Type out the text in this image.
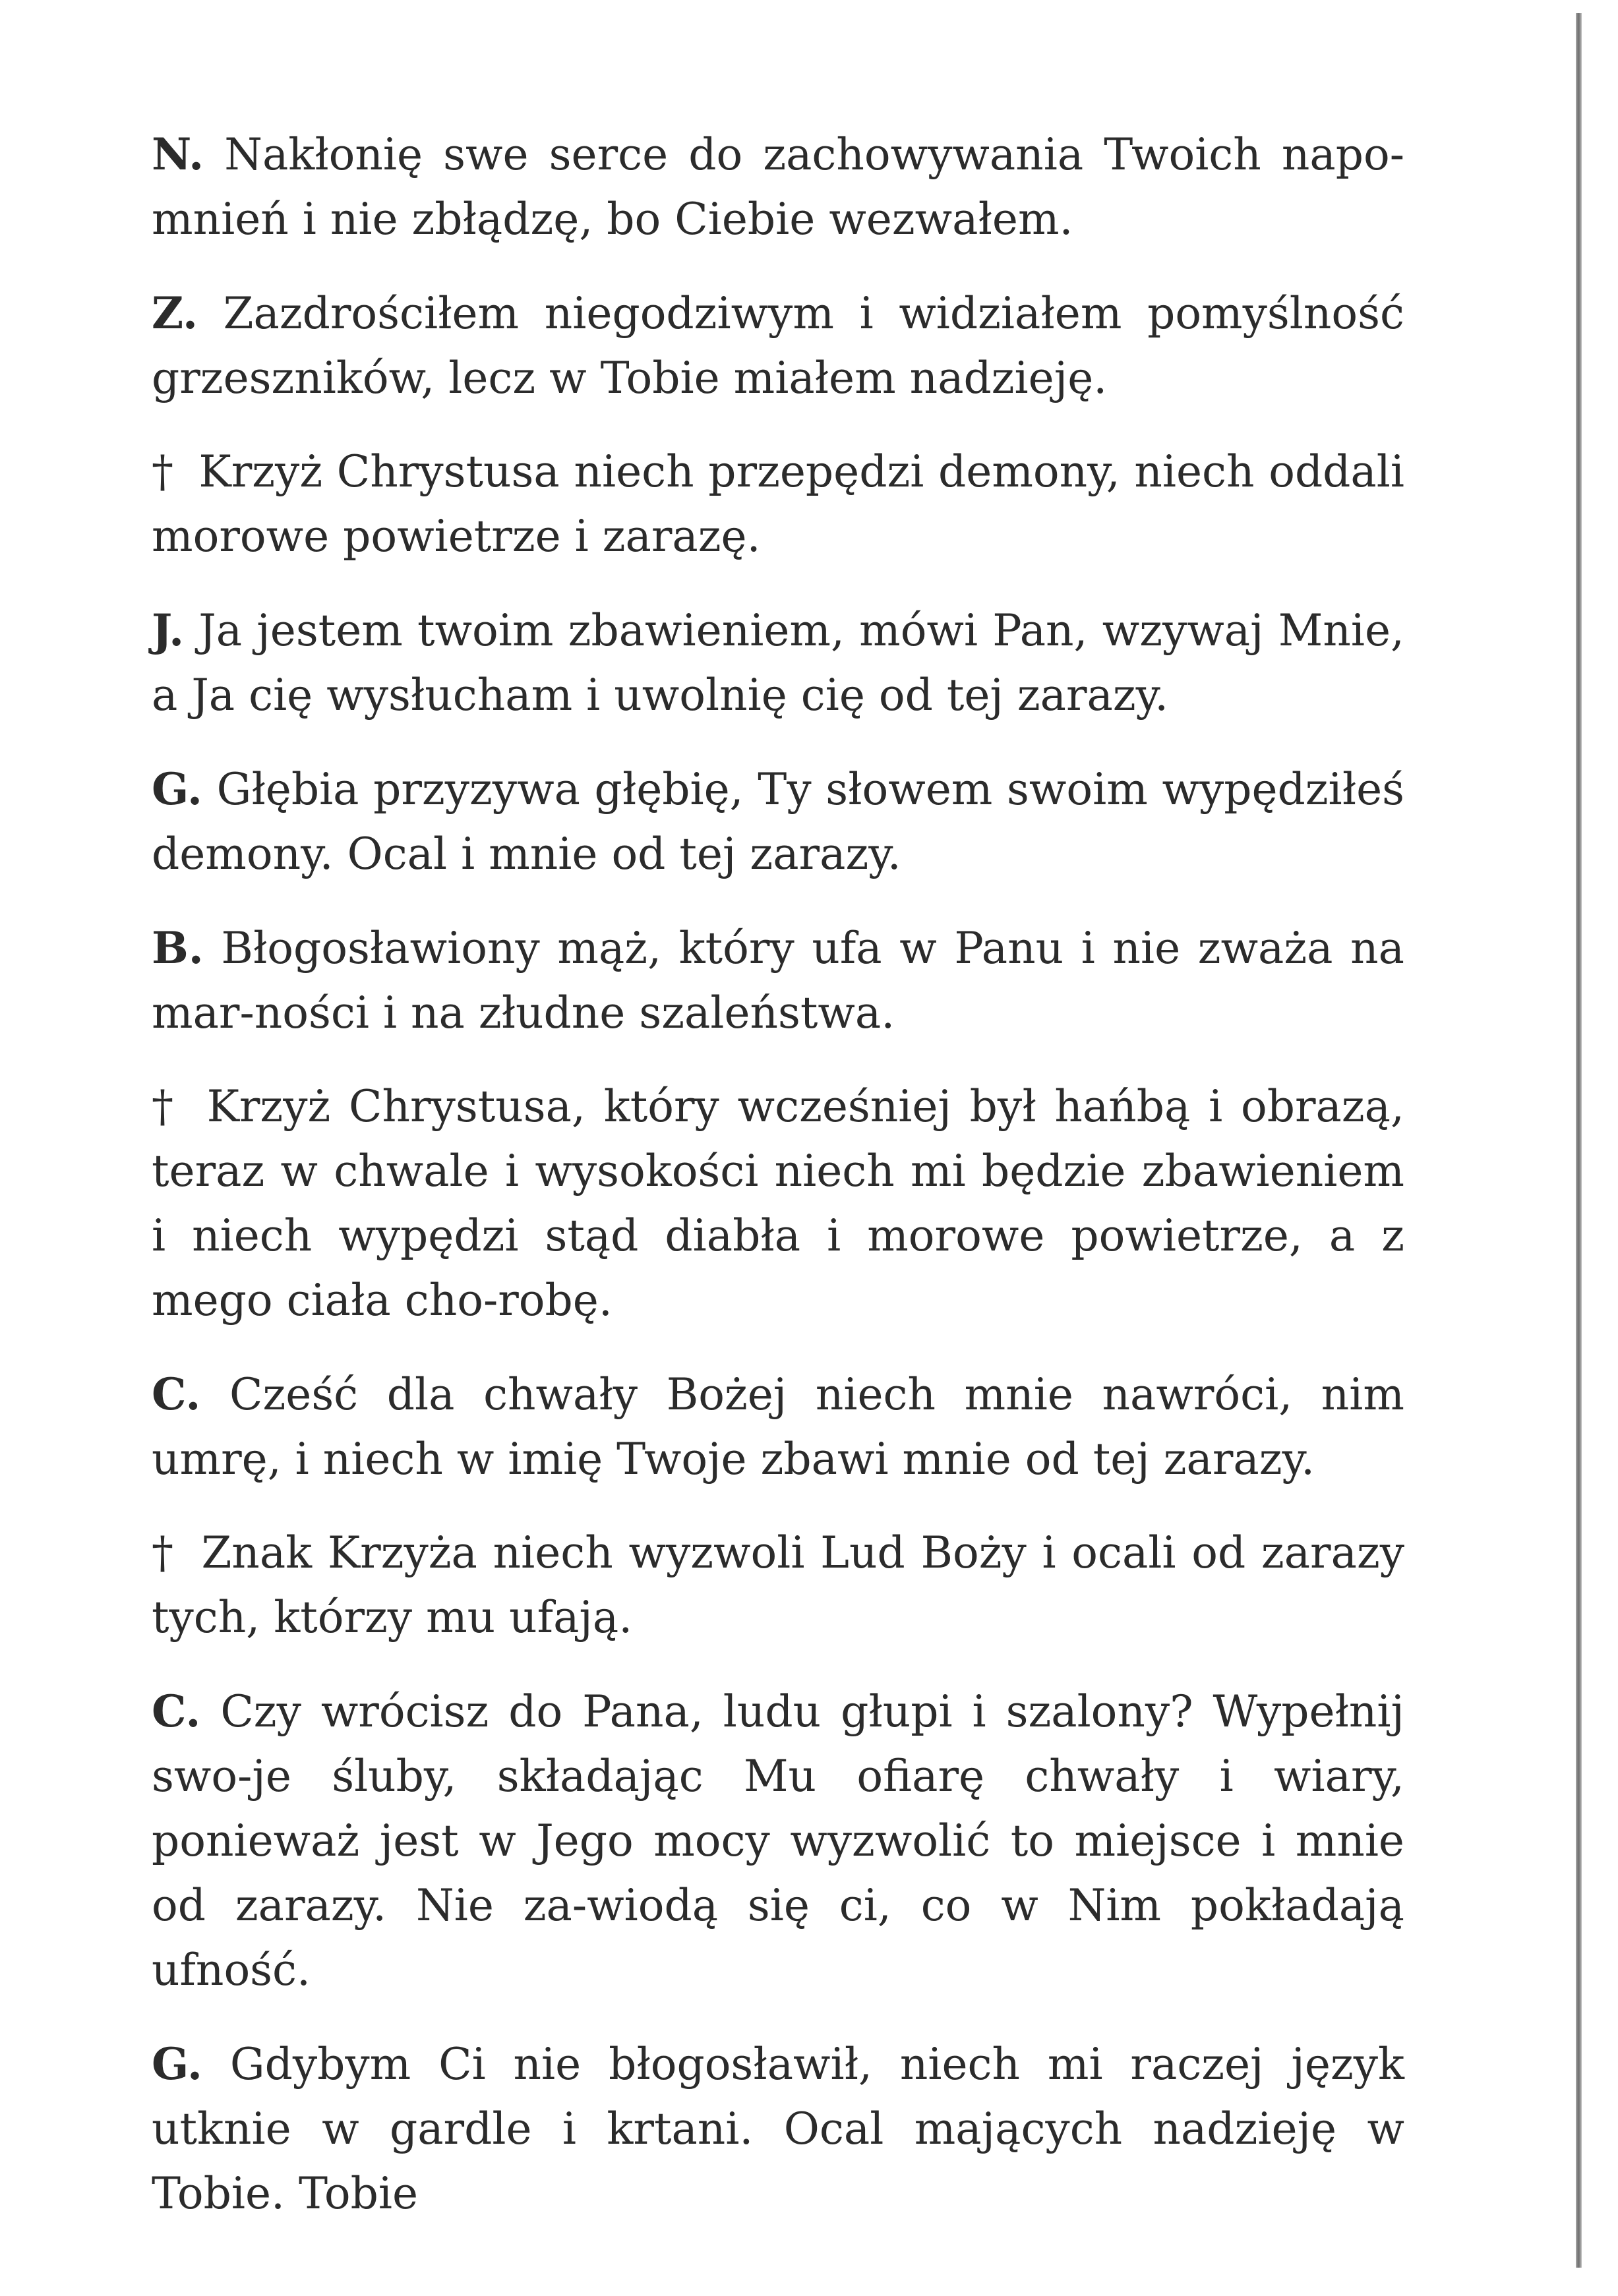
N. Nakłonię swe serce do zachowywania Twoich napo-mnień i nie zbłądzę, bo Ciebie wezwałem.

Z. Zazdrościłem niegodziwym i widziałem pomyślność grzeszników, lecz w Tobie miałem nadzieję.

† Krzyż Chrystusa niech przepędzi demony, niech oddali morowe powietrze i zarazę.

J. Ja jestem twoim zbawieniem, mówi Pan, wzywaj Mnie, a Ja cię wysłucham i uwolnię cię od tej zarazy.

G. Głębia przyzywa głębię, Ty słowem swoim wypędziłeś demony. Ocal i mnie od tej zarazy.

B. Błogosławiony mąż, który ufa w Panu i nie zważa na mar-ności i na złudne szaleństwa.

† Krzyż Chrystusa, który wcześniej był hańbą i obrazą, teraz w chwale i wysokości niech mi będzie zbawieniem i niech wypędzi stąd diabła i morowe powietrze, a z mego ciała cho-robę.

C. Cześć dla chwały Bożej niech mnie nawróci, nim umrę, i niech w imię Twoje zbawi mnie od tej zarazy.

† Znak Krzyża niech wyzwoli Lud Boży i ocali od zarazy tych, którzy mu ufają.

C. Czy wrócisz do Pana, ludu głupi i szalony? Wypełnij swo-je śluby, składając Mu ofiarę chwały i wiary, ponieważ jest w Jego mocy wyzwolić to miejsce i mnie od zarazy. Nie za-wiodą się ci, co w Nim pokładają ufność.

G. Gdybym Ci nie błogosławił, niech mi raczej język utknie w gardle i krtani. Ocal mających nadzieję w Tobie. Tobie
